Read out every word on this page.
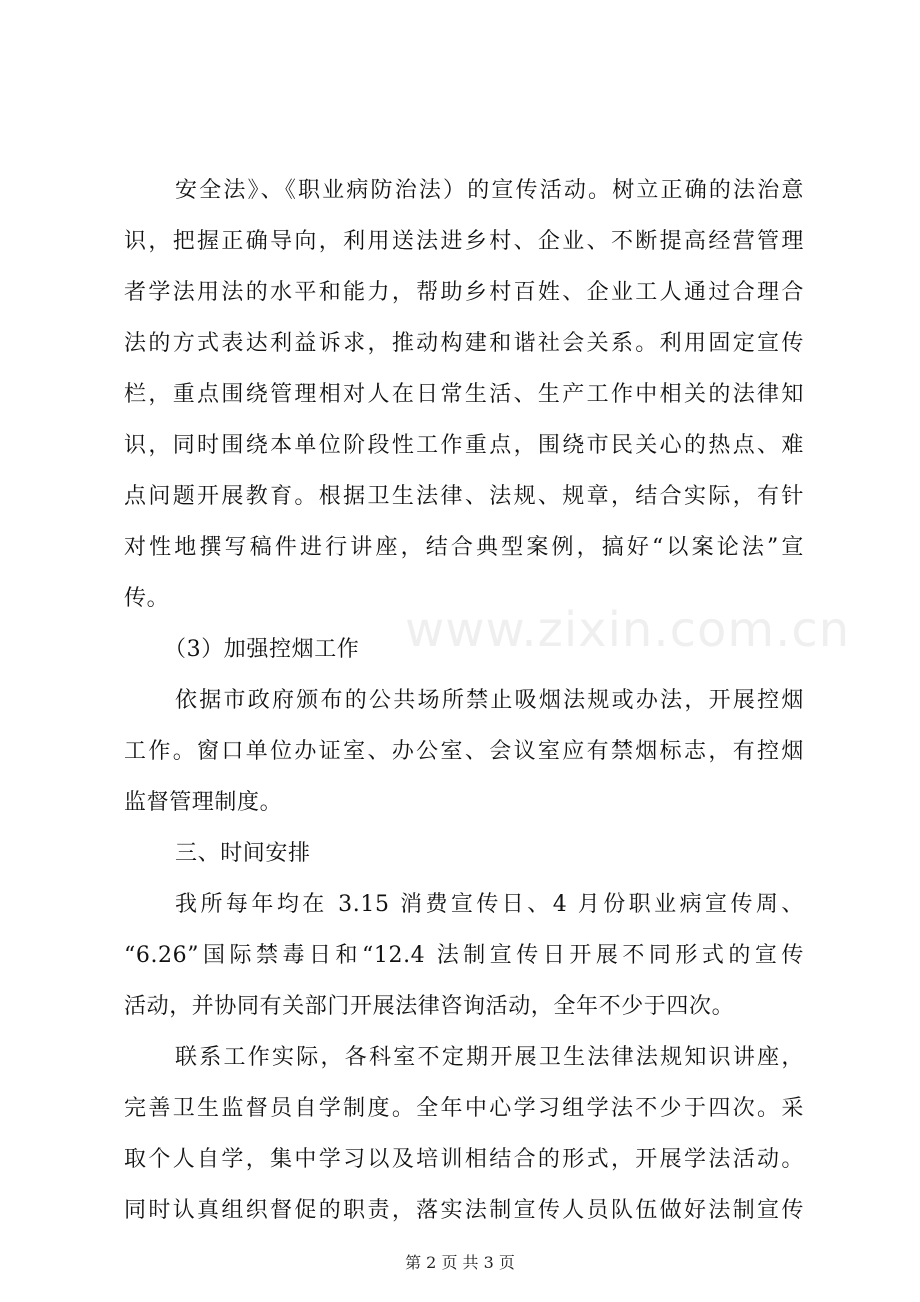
www.zixin.com.cn
安全法》、《职业病防治法）的宣传活动。树立正确的法治意
识，把握正确导向，利用送法进乡村、企业、不断提高经营管理
者学法用法的水平和能力，帮助乡村百姓、企业工人通过合理合
法的方式表达利益诉求，推动构建和谐社会关系。利用固定宣传
栏，重点围绕管理相对人在日常生活、生产工作中相关的法律知
识，同时围绕本单位阶段性工作重点，围绕市民关心的热点、难
点问题开展教育。根据卫生法律、法规、规章，结合实际，有针
对性地撰写稿件进行讲座，结合典型案例，搞好“以案论法”宣
传。
（3）加强控烟工作
依据市政府颁布的公共场所禁止吸烟法规或办法，开展控烟
工作。窗口单位办证室、办公室、会议室应有禁烟标志，有控烟
监督管理制度。
三、时间安排
我所每年均在 3.15 消费宣传日、4 月份职业病宣传周、
“6.26”国际禁毒日和“12.4 法制宣传日开展不同形式的宣传
活动，并协同有关部门开展法律咨询活动，全年不少于四次。
联系工作实际，各科室不定期开展卫生法律法规知识讲座，
完善卫生监督员自学制度。全年中心学习组学法不少于四次。采
取个人自学，集中学习以及培训相结合的形式，开展学法活动。
同时认真组织督促的职责，落实法制宣传人员队伍做好法制宣传
第 2 页 共 3 页
